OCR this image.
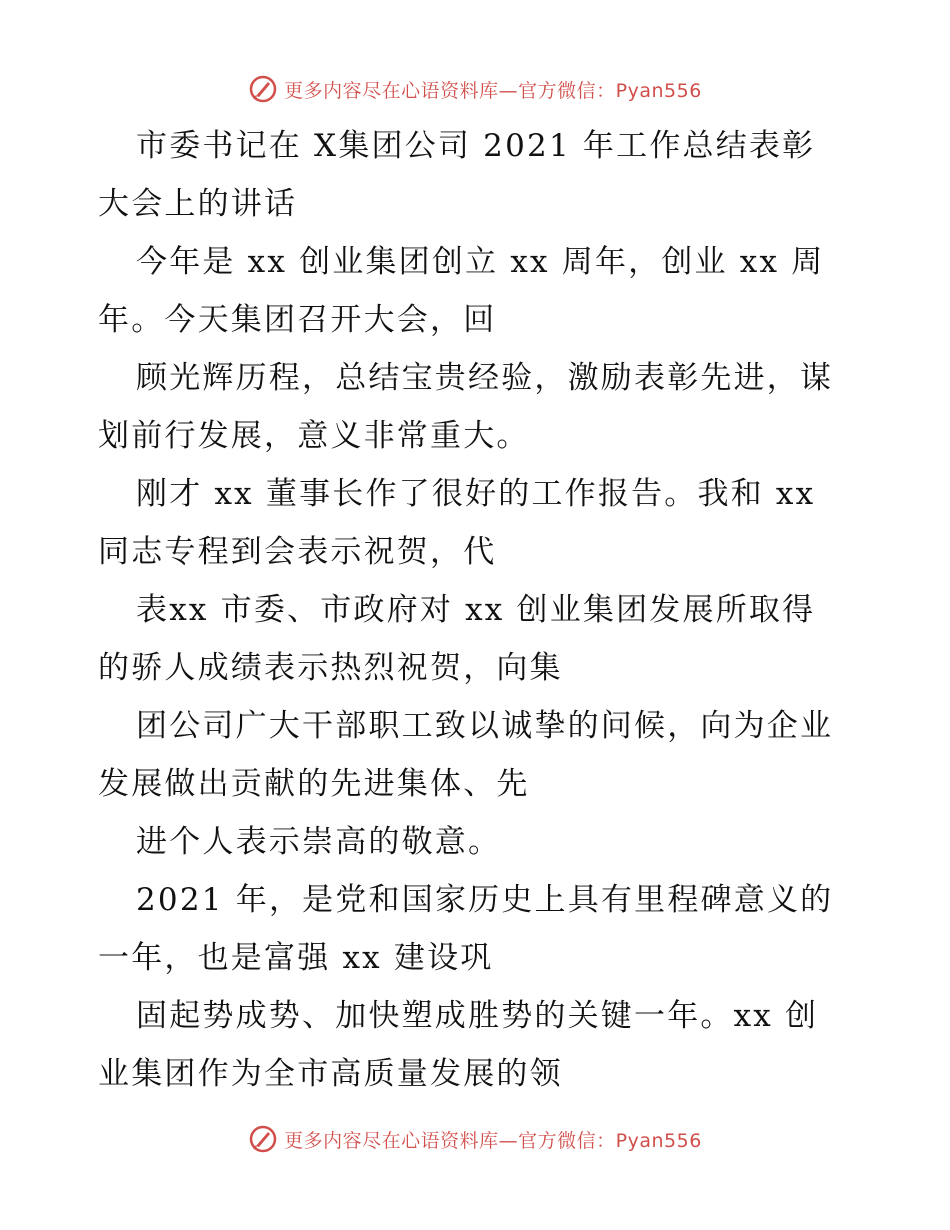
更多内容尽在心语资料库—官方微信：Pyan556
市委书记在 X集团公司 2021 年工作总结表彰
大会上的讲话
今年是 xx 创业集团创立 xx 周年，创业 xx 周
年。今天集团召开大会，回
顾光辉历程，总结宝贵经验，激励表彰先进，谋
划前行发展，意义非常重大。
刚才 xx 董事长作了很好的工作报告。我和 xx
同志专程到会表示祝贺，代
表xx 市委、市政府对 xx 创业集团发展所取得
的骄人成绩表示热烈祝贺，向集
团公司广大干部职工致以诚挚的问候，向为企业
发展做出贡献的先进集体、先
进个人表示崇高的敬意。
2021 年，是党和国家历史上具有里程碑意义的
一年，也是富强 xx 建设巩
固起势成势、加快塑成胜势的关键一年。xx 创
业集团作为全市高质量发展的领
更多内容尽在心语资料库—官方微信：Pyan556
